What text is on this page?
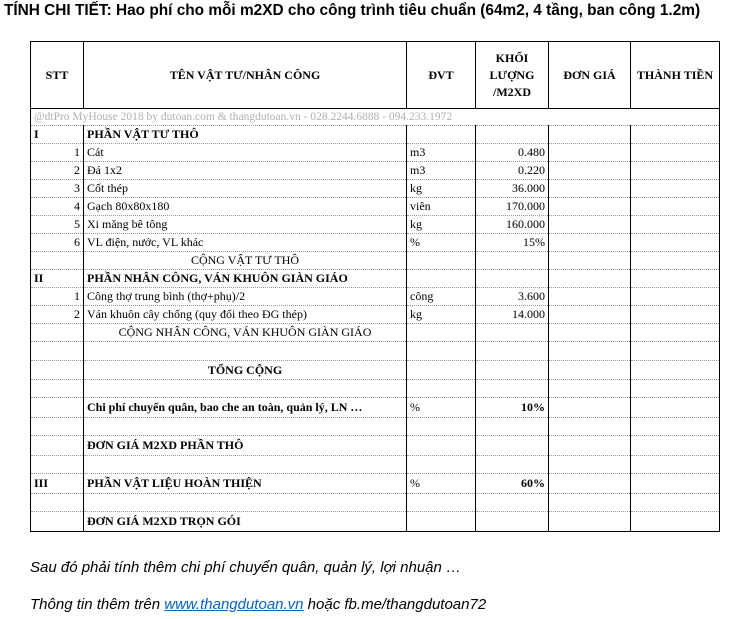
TÍNH CHI TIẾT: Hao phí cho mỗi m2XD cho công trình tiêu chuẩn (64m2, 4 tầng, ban công 1.2m)
STT	TÊN VẬT TƯ/NHÂN CÔNG	ĐVT	KHỐI LƯỢNG /M2XD	ĐƠN GIÁ	THÀNH TIỀN
@dtPro MyHouse 2018 by dutoan.com & thangdutoan.vn - 028.2244.6888 - 094.233.1972					
I	PHẦN VẬT TƯ THÔ				
1	Cát	m3	0.480		
2	Đá 1x2	m3	0.220		
3	Cốt thép	kg	36.000		
4	Gạch 80x80x180	viên	170.000		
5	Xi măng bê tông	kg	160.000		
6	VL điện, nước, VL khác	%	15%		
	CỘNG VẬT TƯ THÔ				
II	PHẦN NHÂN CÔNG, VÁN KHUÔN GIÀN GIÁO				
1	Công thợ trung bình (thợ+phụ)/2	công	3.600		
2	Ván khuôn cây chống (quy đổi theo ĐG thép)	kg	14.000		
	CỘNG NHÂN CÔNG, VÁN KHUÔN GIÀN GIÁO				

	TỔNG CỘNG				

	Chi phí chuyển quân, bao che an toàn, quản lý, LN …	%	10%		

	ĐƠN GIÁ M2XD PHẦN THÔ				

III	PHẦN VẬT LIỆU HOÀN THIỆN	%	60%		

	ĐƠN GIÁ M2XD TRỌN GÓI				
Sau đó phải tính thêm chi phí chuyển quân, quản lý, lợi nhuận …
Thông tin thêm trên www.thangdutoan.vn hoặc fb.me/thangdutoan72
